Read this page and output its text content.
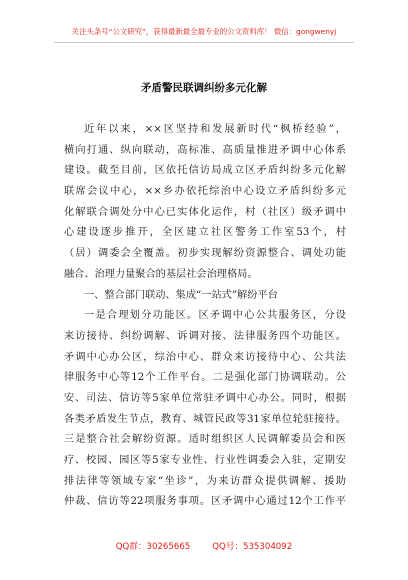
关注头条号“公文研究”，获得最新最全最专业的公文资料库！ 微信：gongwenyj
矛盾警民联调纠纷多元化解
近年以来，××区坚持和发展新时代“枫桥经验”，
横向打通、纵向联动，高标准、高质量推进矛调中心体系
建设。截至目前，区依托信访局成立区矛盾纠纷多元化解
联席会议中心，××乡办依托综治中心设立矛盾纠纷多元
化解联合调处分中心已实体化运作，村（社区）级矛调中
心建设逐步推开，全区建立社区警务工作室53个，村
（居）调委会全覆盖。初步实现解纷资源整合、调处功能
融合、治理力量聚合的基层社会治理格局。
一、整合部门联动、集成“一站式”解纷平台
一是合理划分功能区。区矛调中心公共服务区，分设
来访接待、纠纷调解、诉调对接、法律服务四个功能区。
矛调中心办公区，综治中心、群众来访接待中心、公共法
律服务中心等12个工作平台。二是强化部门协调联动。公
安、司法、信访等5家单位常驻矛调中心办公。同时，根据
各类矛盾发生节点，教育、城管民政等31家单位轮驻接待。
三是整合社会解纷资源。适时组织区人民调解委员会和医
疗、校园、园区等5家专业性、行业性调委会入驻，定期安
排法律等领域专家“坐诊”，为来访群众提供调解、援助
仲裁、信访等22项服务事项。区矛调中心通过12个工作平
QQ群：30265665	QQ号：535304092
